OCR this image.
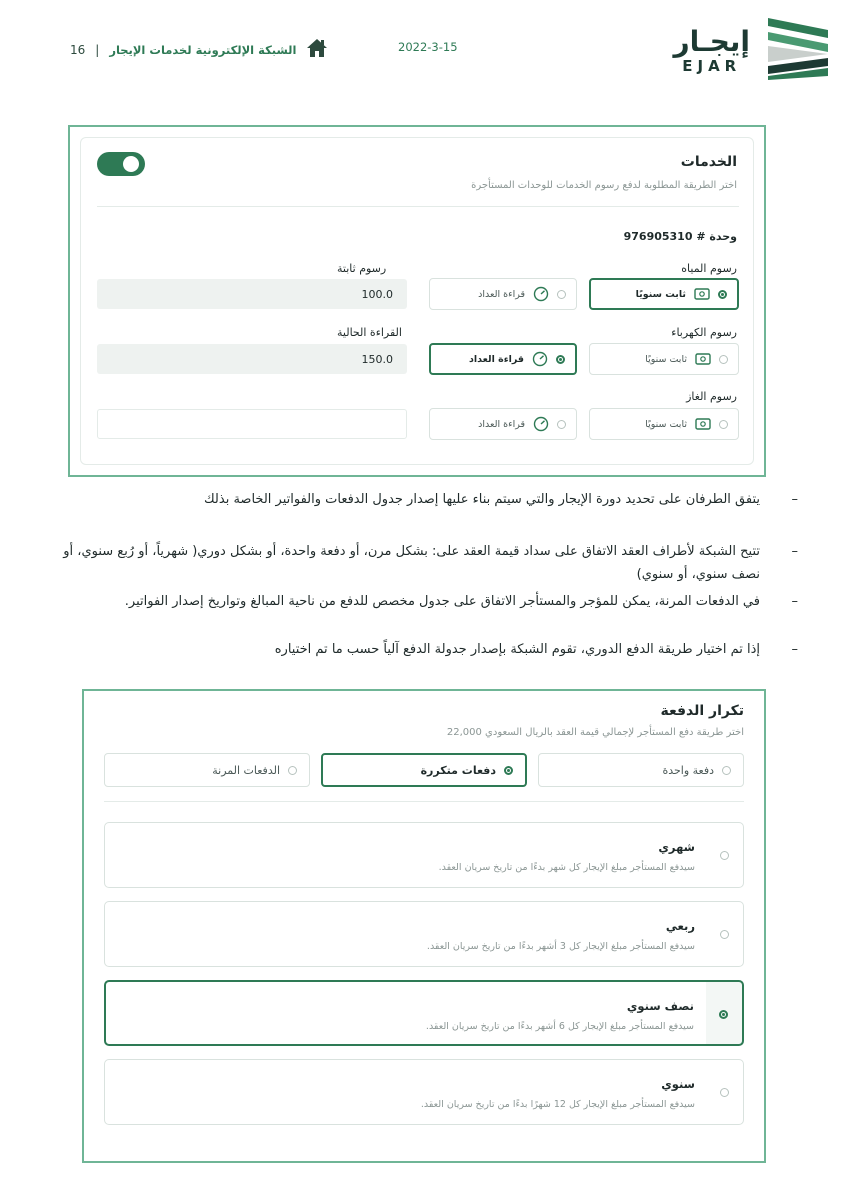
16 | الشبكة الإلكترونية لخدمات الإيجار	2022-3-15	إيجـار
EJAR
الخدمات
اختر الطريقة المطلوبة لدفع رسوم الخدمات للوحدات المستأجرة
وحدة # 976905310
رسوم المياه
رسوم ثابتة
ثابت سنويًا
قراءة العداد
100.0
رسوم الكهرباء
القراءة الحالية
ثابت سنويًا
قراءة العداد
150.0
رسوم الغاز
ثابت سنويًا
قراءة العداد
–
يتفق الطرفان على تحديد دورة الإيجار والتي سيتم بناء عليها إصدار جدول الدفعات والفواتير الخاصة بذلك
–
تتيح الشبكة لأطراف العقد الاتفاق على سداد قيمة العقد على: بشكل مرن، أو دفعة واحدة، أو بشكل دوري( شهرياً، أو رُبع سنوي، أو نصف سنوي، أو سنوي)
–
في الدفعات المرنة، يمكن للمؤجر والمستأجر الاتفاق على جدول مخصص للدفع من ناحية المبالغ وتواريخ إصدار الفواتير.
–
إذا تم اختيار طريقة الدفع الدوري، تقوم الشبكة بإصدار جدولة الدفع آلياً حسب ما تم اختياره
تكرار الدفعة
اختر طريقة دفع المستأجر لإجمالي قيمة العقد بالريال السعودي 22,000
دفعة واحدة
دفعات متكررة
الدفعات المرنة
شهري
سيدفع المستأجر مبلغ الإيجار كل شهر بدءًا من تاريخ سريان العقد.
ربعي
سيدفع المستأجر مبلغ الإيجار كل 3 أشهر بدءًا من تاريخ سريان العقد.
نصف سنوي
سيدفع المستأجر مبلغ الإيجار كل 6 أشهر بدءًا من تاريخ سريان العقد.
سنوي
سيدفع المستأجر مبلغ الإيجار كل 12 شهرًا بدءًا من تاريخ سريان العقد.
